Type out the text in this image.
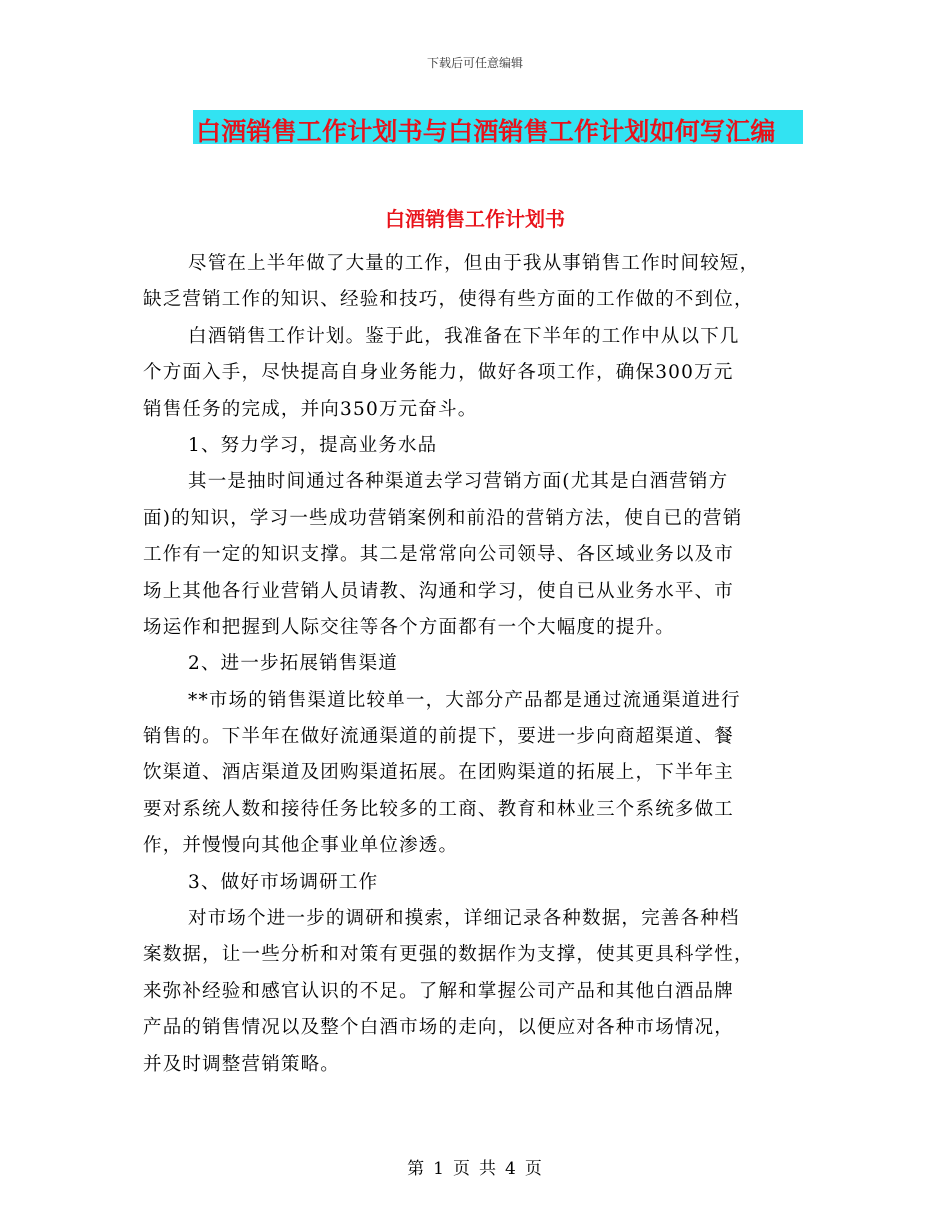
下载后可任意编辑
白酒销售工作计划书与白酒销售工作计划如何写汇编
白酒销售工作计划书
尽管在上半年做了大量的工作，但由于我从事销售工作时间较短，
缺乏营销工作的知识、经验和技巧，使得有些方面的工作做的不到位，
白酒销售工作计划。鉴于此，我准备在下半年的工作中从以下几
个方面入手，尽快提高自身业务能力，做好各项工作，确保300万元
销售任务的完成，并向350万元奋斗。
1、努力学习，提高业务水品
其一是抽时间通过各种渠道去学习营销方面(尤其是白酒营销方
面)的知识，学习一些成功营销案例和前沿的营销方法，使自已的营销
工作有一定的知识支撑。其二是常常向公司领导、各区域业务以及市
场上其他各行业营销人员请教、沟通和学习，使自已从业务水平、市
场运作和把握到人际交往等各个方面都有一个大幅度的提升。
2、进一步拓展销售渠道
**市场的销售渠道比较单一，大部分产品都是通过流通渠道进行
销售的。下半年在做好流通渠道的前提下，要进一步向商超渠道、餐
饮渠道、酒店渠道及团购渠道拓展。在团购渠道的拓展上，下半年主
要对系统人数和接待任务比较多的工商、教育和林业三个系统多做工
作，并慢慢向其他企事业单位渗透。
3、做好市场调研工作
对市场个进一步的调研和摸索，详细记录各种数据，完善各种档
案数据，让一些分析和对策有更强的数据作为支撑，使其更具科学性，
来弥补经验和感官认识的不足。了解和掌握公司产品和其他白酒品牌
产品的销售情况以及整个白酒市场的走向，以便应对各种市场情况，
并及时调整营销策略。
第 1 页 共 4 页
